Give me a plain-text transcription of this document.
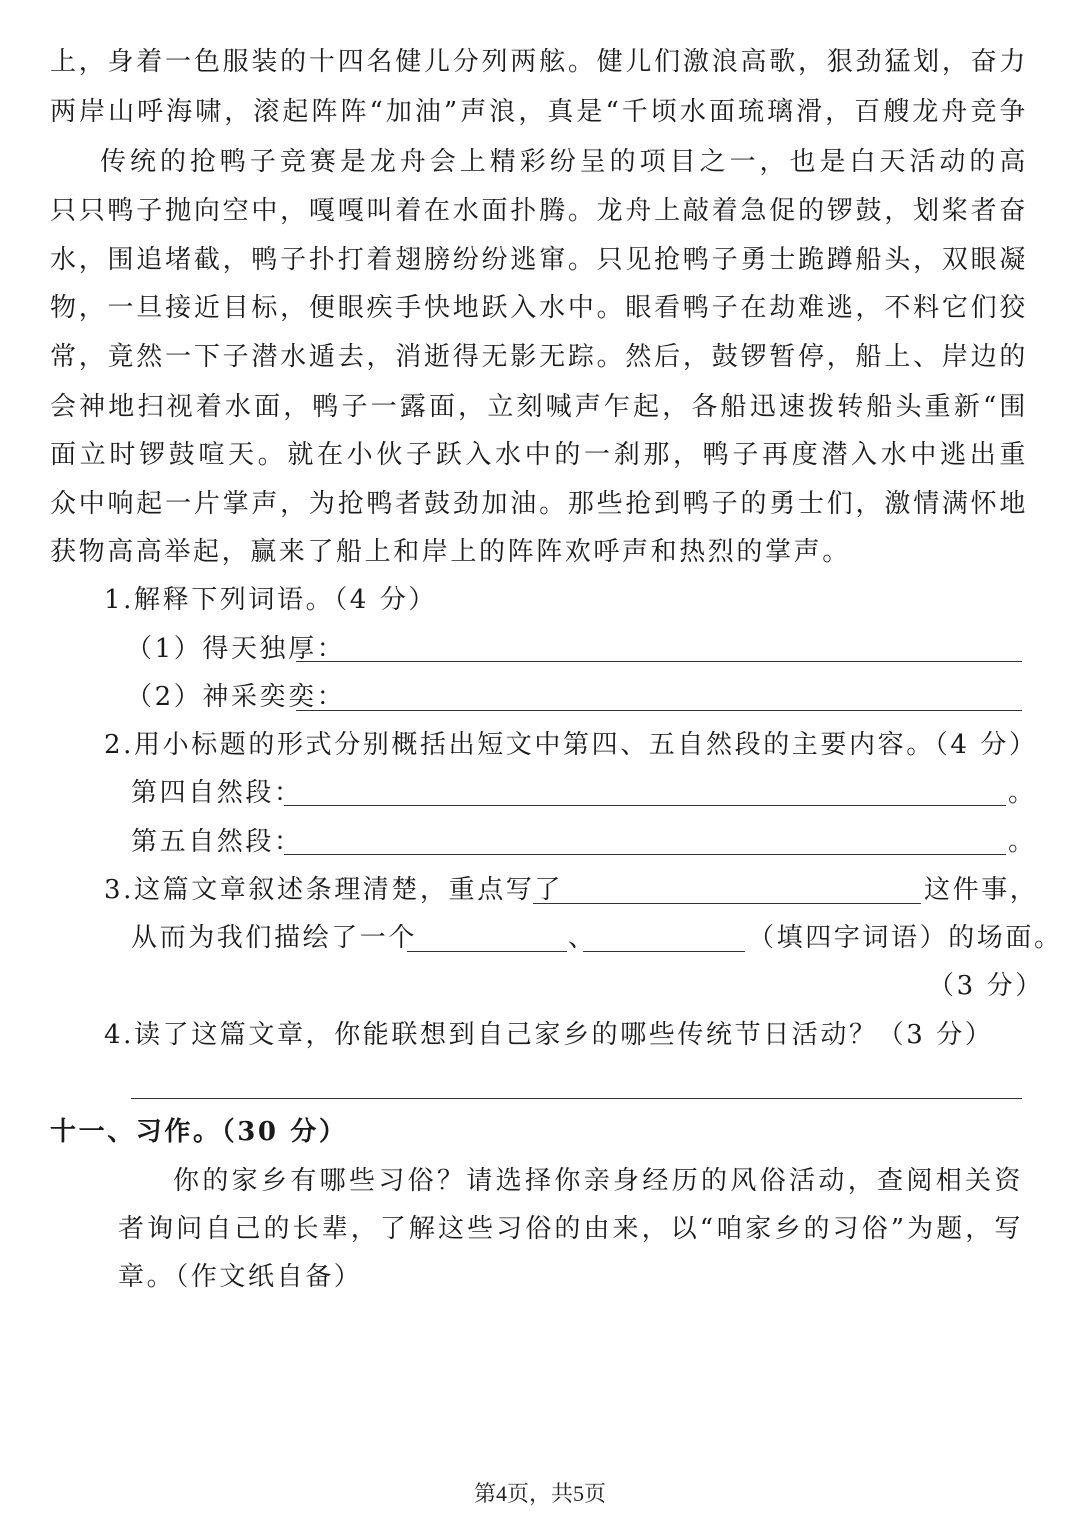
上，身着一色服装的十四名健儿分列两舷。健儿们激浪高歌，狠劲猛划，奋力
两岸山呼海啸，滚起阵阵“加油”声浪，真是“千顷水面琉璃滑，百艘龙舟竞争
传统的抢鸭子竞赛是龙舟会上精彩纷呈的项目之一，也是白天活动的高
只只鸭子抛向空中，嘎嘎叫着在水面扑腾。龙舟上敲着急促的锣鼓，划桨者奋
水，围追堵截，鸭子扑打着翅膀纷纷逃窜。只见抢鸭子勇士跪蹲船头，双眼凝
物，一旦接近目标，便眼疾手快地跃入水中。眼看鸭子在劫难逃，不料它们狡
常，竟然一下子潜水遁去，消逝得无影无踪。然后，鼓锣暂停，船上、岸边的
会神地扫视着水面，鸭子一露面，立刻喊声乍起，各船迅速拨转船头重新“围
面立时锣鼓喧天。就在小伙子跃入水中的一刹那，鸭子再度潜入水中逃出重
众中响起一片掌声，为抢鸭者鼓劲加油。那些抢到鸭子的勇士们，激情满怀地
获物高高举起，赢来了船上和岸上的阵阵欢呼声和热烈的掌声。
1.解释下列词语。（4 分）
（1）得天独厚：
（2）神采奕奕：
2.用小标题的形式分别概括出短文中第四、五自然段的主要内容。（4 分）
第四自然段：	。
第五自然段：	。
3.这篇文章叙述条理清楚，重点写了	这件事，
从而为我们描绘了一个	、	（填四字词语）的场面。
（3 分）
4.读了这篇文章，你能联想到自己家乡的哪些传统节日活动？（3 分）
十一、习作。（30 分）
你的家乡有哪些习俗？请选择你亲身经历的风俗活动，查阅相关资
者询问自己的长辈，了解这些习俗的由来，以“咱家乡的习俗”为题，写
章。（作文纸自备）
第4页，共5页
